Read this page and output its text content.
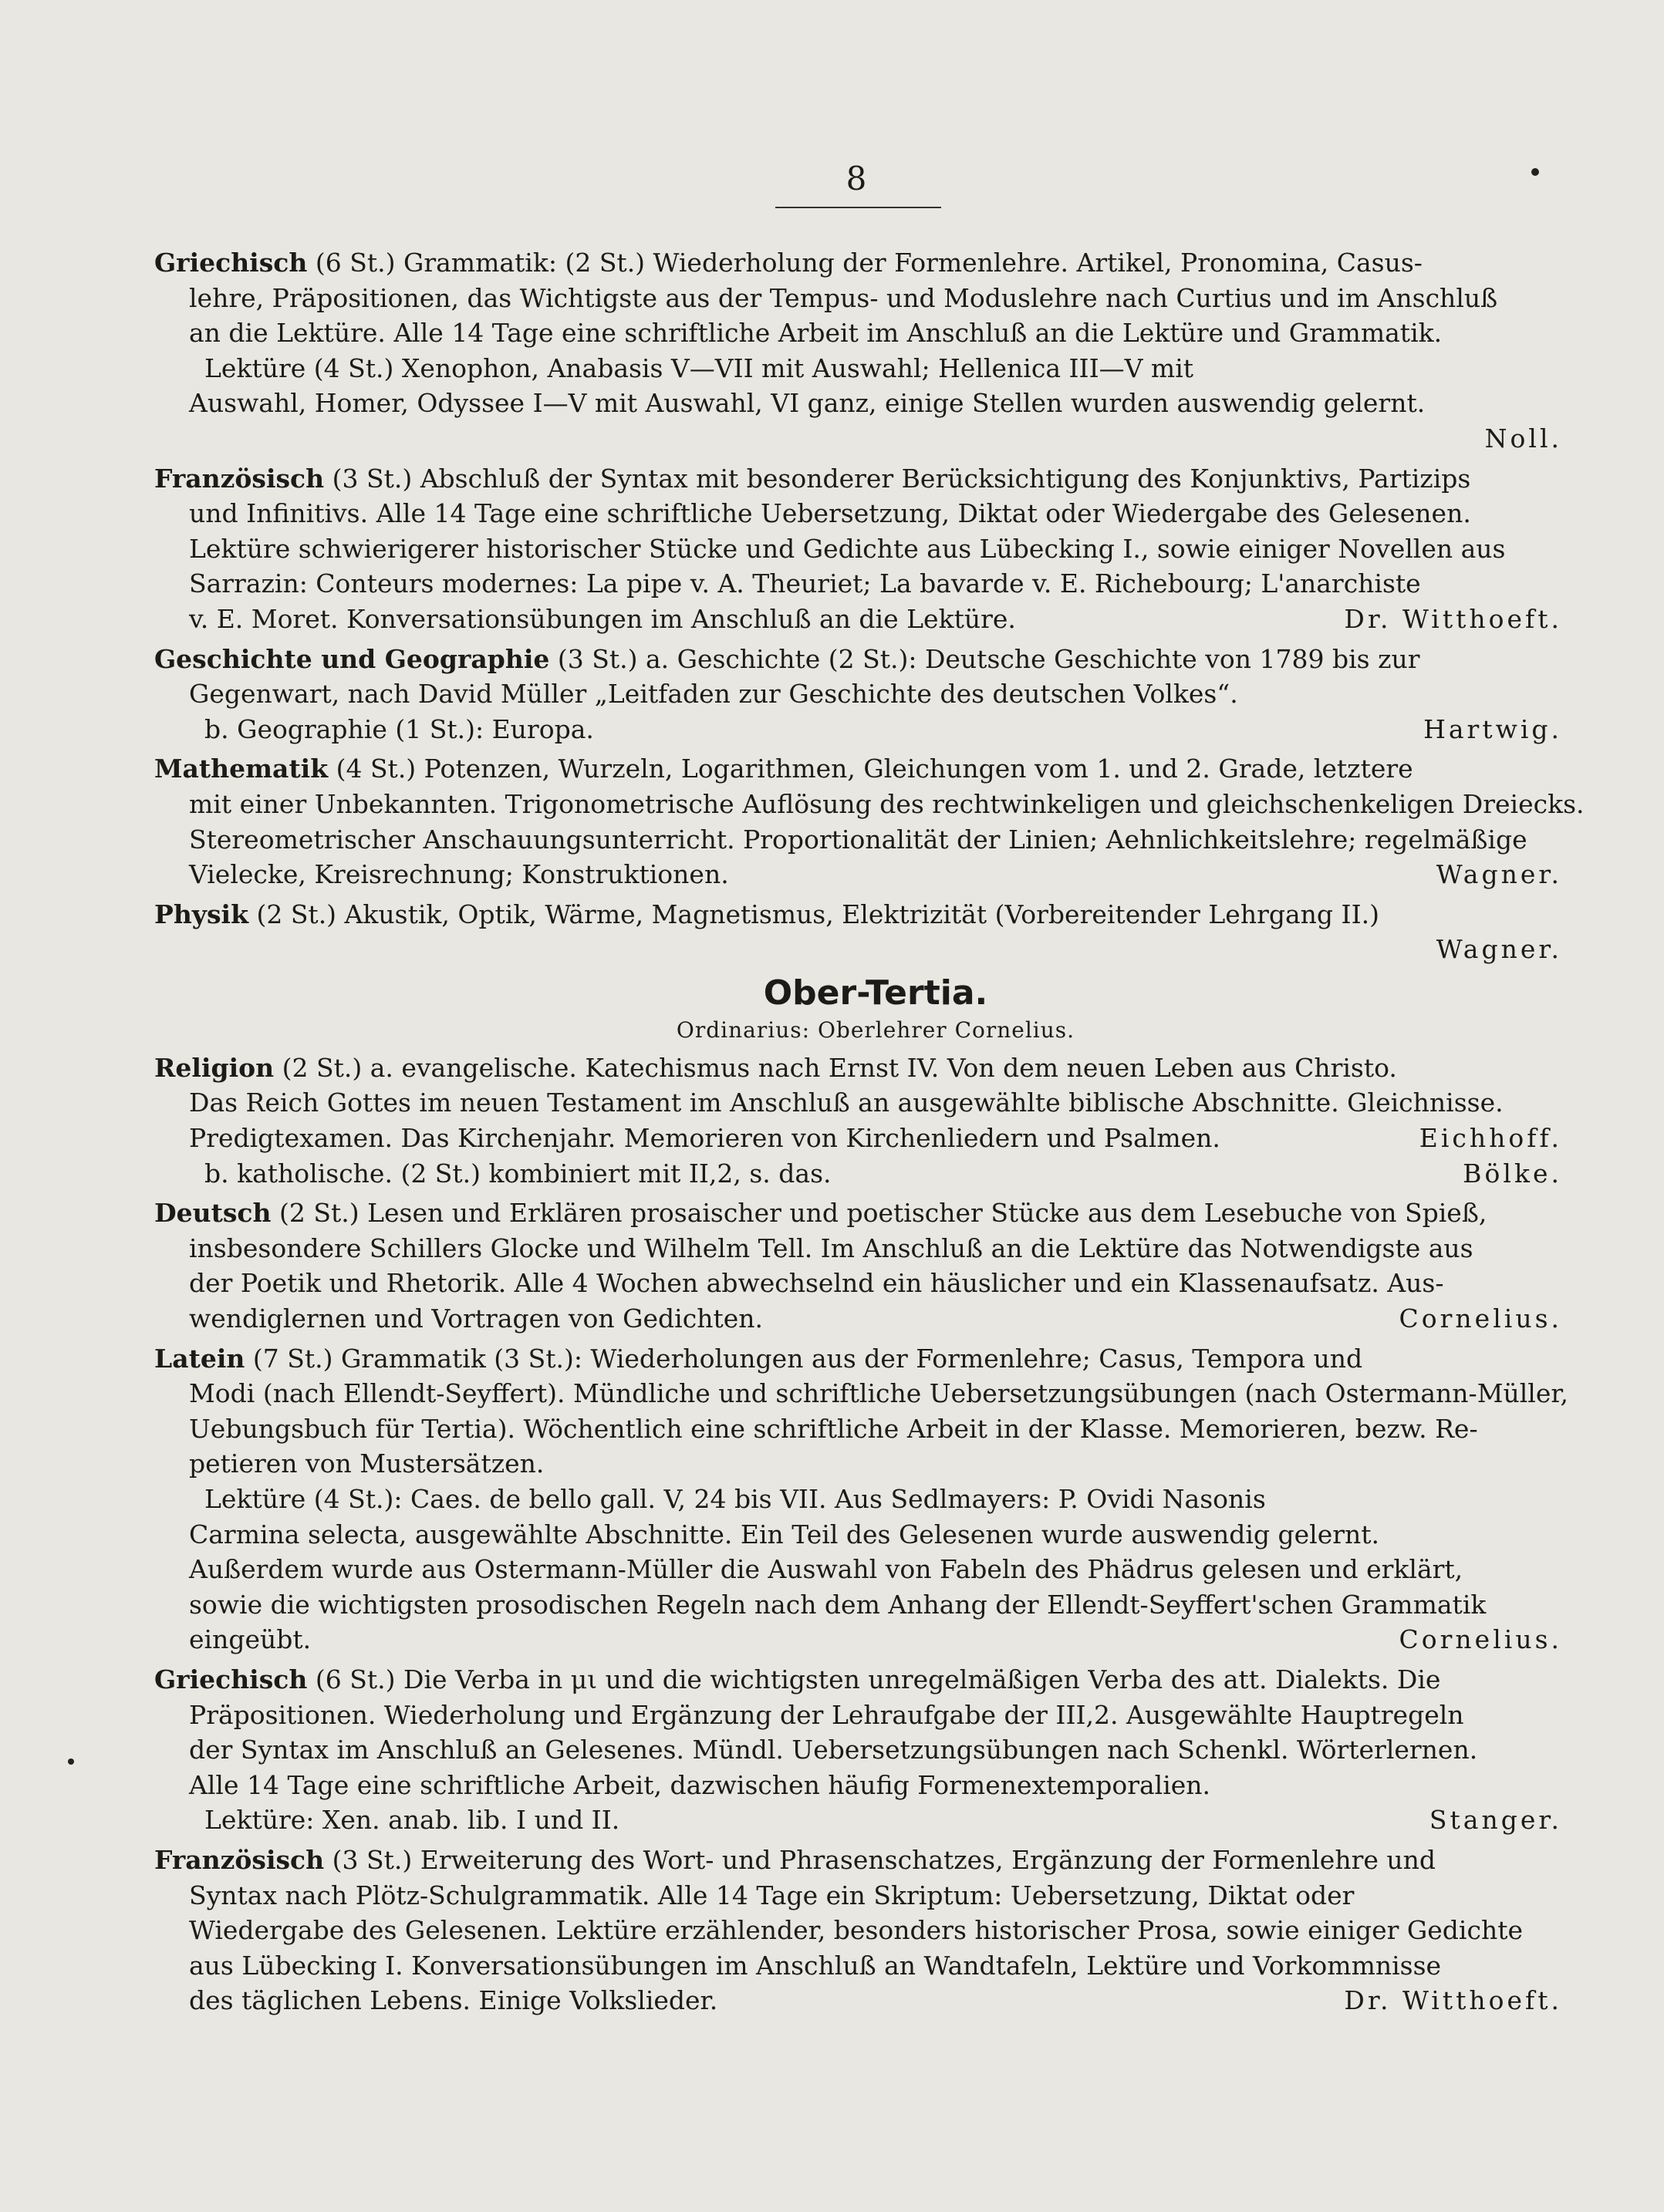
8
Griechisch (6 St.) Grammatik: (2 St.) Wiederholung der Formenlehre. Artikel, Pronomina, Casus-
lehre, Präpositionen, das Wichtigste aus der Tempus- und Moduslehre nach Curtius und im Anschluß
an die Lektüre. Alle 14 Tage eine schriftliche Arbeit im Anschluß an die Lektüre und Grammatik.
Lektüre (4 St.) Xenophon, Anabasis V—VII mit Auswahl; Hellenica III—V mit
Auswahl, Homer, Odyssee I—V mit Auswahl, VI ganz, einige Stellen wurden auswendig gelernt.
Noll.
Französisch (3 St.) Abschluß der Syntax mit besonderer Berücksichtigung des Konjunktivs, Partizips
und Infinitivs. Alle 14 Tage eine schriftliche Uebersetzung, Diktat oder Wiedergabe des Gelesenen.
Lektüre schwierigerer historischer Stücke und Gedichte aus Lübecking I., sowie einiger Novellen aus
Sarrazin: Conteurs modernes: La pipe v. A. Theuriet; La bavarde v. E. Richebourg; L'anarchiste
v. E. Moret. Konversationsübungen im Anschluß an die Lektüre.	Dr. Witthoeft.
Geschichte und Geographie (3 St.) a. Geschichte (2 St.): Deutsche Geschichte von 1789 bis zur
Gegenwart, nach David Müller „Leitfaden zur Geschichte des deutschen Volkes“.
b. Geographie (1 St.): Europa.	Hartwig.
Mathematik (4 St.) Potenzen, Wurzeln, Logarithmen, Gleichungen vom 1. und 2. Grade, letztere
mit einer Unbekannten. Trigonometrische Auflösung des rechtwinkeligen und gleichschenkeligen Dreiecks.
Stereometrischer Anschauungsunterricht. Proportionalität der Linien; Aehnlichkeitslehre; regelmäßige
Vielecke, Kreisrechnung; Konstruktionen.	Wagner.
Physik (2 St.) Akustik, Optik, Wärme, Magnetismus, Elektrizität (Vorbereitender Lehrgang II.)
Wagner.
Ober-Tertia.
Ordinarius: Oberlehrer Cornelius.
Religion (2 St.) a. evangelische. Katechismus nach Ernst IV. Von dem neuen Leben aus Christo.
Das Reich Gottes im neuen Testament im Anschluß an ausgewählte biblische Abschnitte. Gleichnisse.
Predigtexamen. Das Kirchenjahr. Memorieren von Kirchenliedern und Psalmen.	Eichhoff.
b. katholische. (2 St.) kombiniert mit II,2, s. das.	Bölke.
Deutsch (2 St.) Lesen und Erklären prosaischer und poetischer Stücke aus dem Lesebuche von Spieß,
insbesondere Schillers Glocke und Wilhelm Tell. Im Anschluß an die Lektüre das Notwendigste aus
der Poetik und Rhetorik. Alle 4 Wochen abwechselnd ein häuslicher und ein Klassenaufsatz. Aus-
wendiglernen und Vortragen von Gedichten.	Cornelius.
Latein (7 St.) Grammatik (3 St.): Wiederholungen aus der Formenlehre; Casus, Tempora und
Modi (nach Ellendt-Seyffert). Mündliche und schriftliche Uebersetzungsübungen (nach Ostermann-Müller,
Uebungsbuch für Tertia). Wöchentlich eine schriftliche Arbeit in der Klasse. Memorieren, bezw. Re-
petieren von Mustersätzen.
Lektüre (4 St.): Caes. de bello gall. V, 24 bis VII. Aus Sedlmayers: P. Ovidi Nasonis
Carmina selecta, ausgewählte Abschnitte. Ein Teil des Gelesenen wurde auswendig gelernt.
Außerdem wurde aus Ostermann-Müller die Auswahl von Fabeln des Phädrus gelesen und erklärt,
sowie die wichtigsten prosodischen Regeln nach dem Anhang der Ellendt-Seyffert'schen Grammatik
eingeübt.	Cornelius.
Griechisch (6 St.) Die Verba in μι und die wichtigsten unregelmäßigen Verba des att. Dialekts. Die
Präpositionen. Wiederholung und Ergänzung der Lehraufgabe der III,2. Ausgewählte Hauptregeln
der Syntax im Anschluß an Gelesenes. Mündl. Uebersetzungsübungen nach Schenkl. Wörterlernen.
Alle 14 Tage eine schriftliche Arbeit, dazwischen häufig Formenextemporalien.
Lektüre: Xen. anab. lib. I und II.	Stanger.
Französisch (3 St.) Erweiterung des Wort- und Phrasenschatzes, Ergänzung der Formenlehre und
Syntax nach Plötz-Schulgrammatik. Alle 14 Tage ein Skriptum: Uebersetzung, Diktat oder
Wiedergabe des Gelesenen. Lektüre erzählender, besonders historischer Prosa, sowie einiger Gedichte
aus Lübecking I. Konversationsübungen im Anschluß an Wandtafeln, Lektüre und Vorkommnisse
des täglichen Lebens. Einige Volkslieder.	Dr. Witthoeft.
